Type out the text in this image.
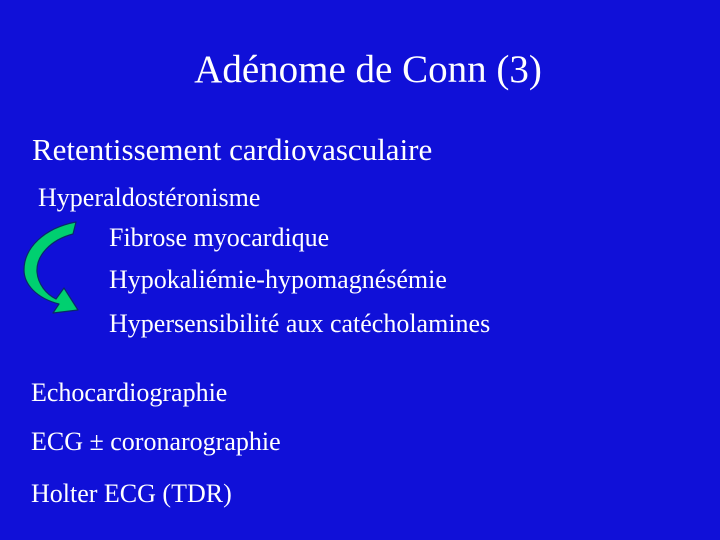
Adénome de Conn (3)
Retentissement cardiovasculaire
Hyperaldostéronisme
Fibrose myocardique
Hypokaliémie-hypomagnésémie
Hypersensibilité aux catécholamines
Echocardiographie
ECG ± coronarographie
Holter ECG (TDR)
